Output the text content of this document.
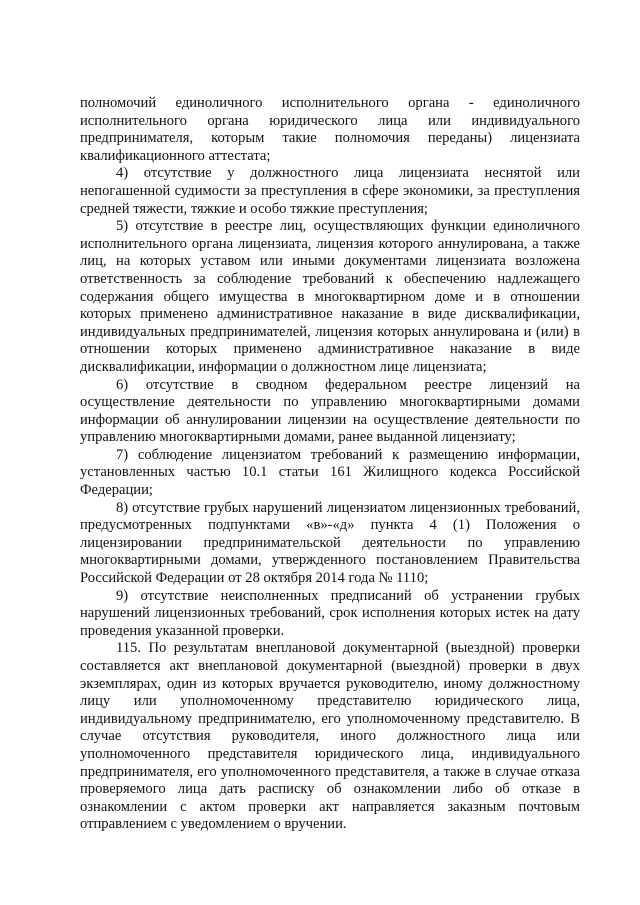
полномочий единоличного исполнительного органа - единоличного исполнительного органа юридического лица или индивидуального предпринимателя, которым такие полномочия переданы) лицензиата квалификационного аттестата;

4) отсутствие у должностного лица лицензиата неснятой или непогашенной судимости за преступления в сфере экономики, за преступления средней тяжести, тяжкие и особо тяжкие преступления;

5) отсутствие в реестре лиц, осуществляющих функции единоличного исполнительного органа лицензиата, лицензия которого аннулирована, а также лиц, на которых уставом или иными документами лицензиата возложена ответственность за соблюдение требований к обеспечению надлежащего содержания общего имущества в многоквартирном доме и в отношении которых применено административное наказание в виде дисквалификации, индивидуальных предпринимателей, лицензия которых аннулирована и (или) в отношении которых применено административное наказание в виде дисквалификации, информации о должностном лице лицензиата;

6) отсутствие в сводном федеральном реестре лицензий на осуществление деятельности по управлению многоквартирными домами информации об аннулировании лицензии на осуществление деятельности по управлению многоквартирными домами, ранее выданной лицензиату;

7) соблюдение лицензиатом требований к размещению информации, установленных частью 10.1 статьи 161 Жилищного кодекса Российской Федерации;

8) отсутствие грубых нарушений лицензиатом лицензионных требований, предусмотренных подпунктами «в»-«д» пункта 4 (1) Положения о лицензировании предпринимательской деятельности по управлению многоквартирными домами, утвержденного постановлением Правительства Российской Федерации от 28 октября 2014 года № 1110;

9) отсутствие неисполненных предписаний об устранении грубых нарушений лицензионных требований, срок исполнения которых истек на дату проведения указанной проверки.

115. По результатам внеплановой документарной (выездной) проверки составляется акт внеплановой документарной (выездной) проверки в двух экземплярах, один из которых вручается руководителю, иному должностному лицу или уполномоченному представителю юридического лица, индивидуальному предпринимателю, его уполномоченному представителю. В случае отсутствия руководителя, иного должностного лица или уполномоченного представителя юридического лица, индивидуального предпринимателя, его уполномоченного представителя, а также в случае отказа проверяемого лица дать расписку об ознакомлении либо об отказе в ознакомлении с актом проверки акт направляется заказным почтовым отправлением с уведомлением о вручении.
